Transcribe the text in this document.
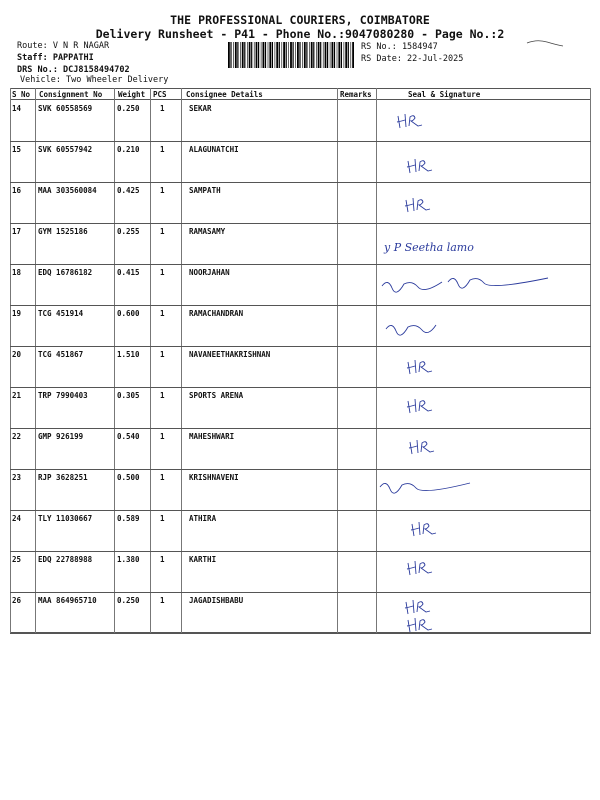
THE PROFESSIONAL COURIERS, COIMBATORE
Delivery Runsheet - P41 - Phone No.:9047080280 - Page No.:2
Route: V N R NAGAR
Staff: PAPPATHI
DRS No.: DCJ8158494702
Vehicle: Two Wheeler Delivery
RS No.: 1584947
RS Date: 22-Jul-2025
S No Consignment No Weight PCS	Consignee Details	Remarks	Seal & Signature
14 SVK 60558569	0.250	1	SEKAR
15 SVK 60557942	0.210	1	ALAGUNATCHI
16 MAA 303560084	0.425	1	SAMPATH
17 GYM 1525186	0.255	1	RAMASAMY
y P Seetha lamo
18 EDQ 16786182	0.415	1	NOORJAHAN
19 TCG 451914	0.600	1	RAMACHANDRAN
20 TCG 451867	1.510	1	NAVANEETHAKRISHNAN
21 TRP 7990403	0.305	1	SPORTS ARENA
22 GMP 926199	0.540	1	MAHESHWARI
23 RJP 3628251	0.500	1	KRISHNAVENI
24 TLY 11030667	0.589	1	ATHIRA
25 EDQ 22788988	1.380	1	KARTHI
26 MAA 864965710	0.250	1	JAGADISHBABU
